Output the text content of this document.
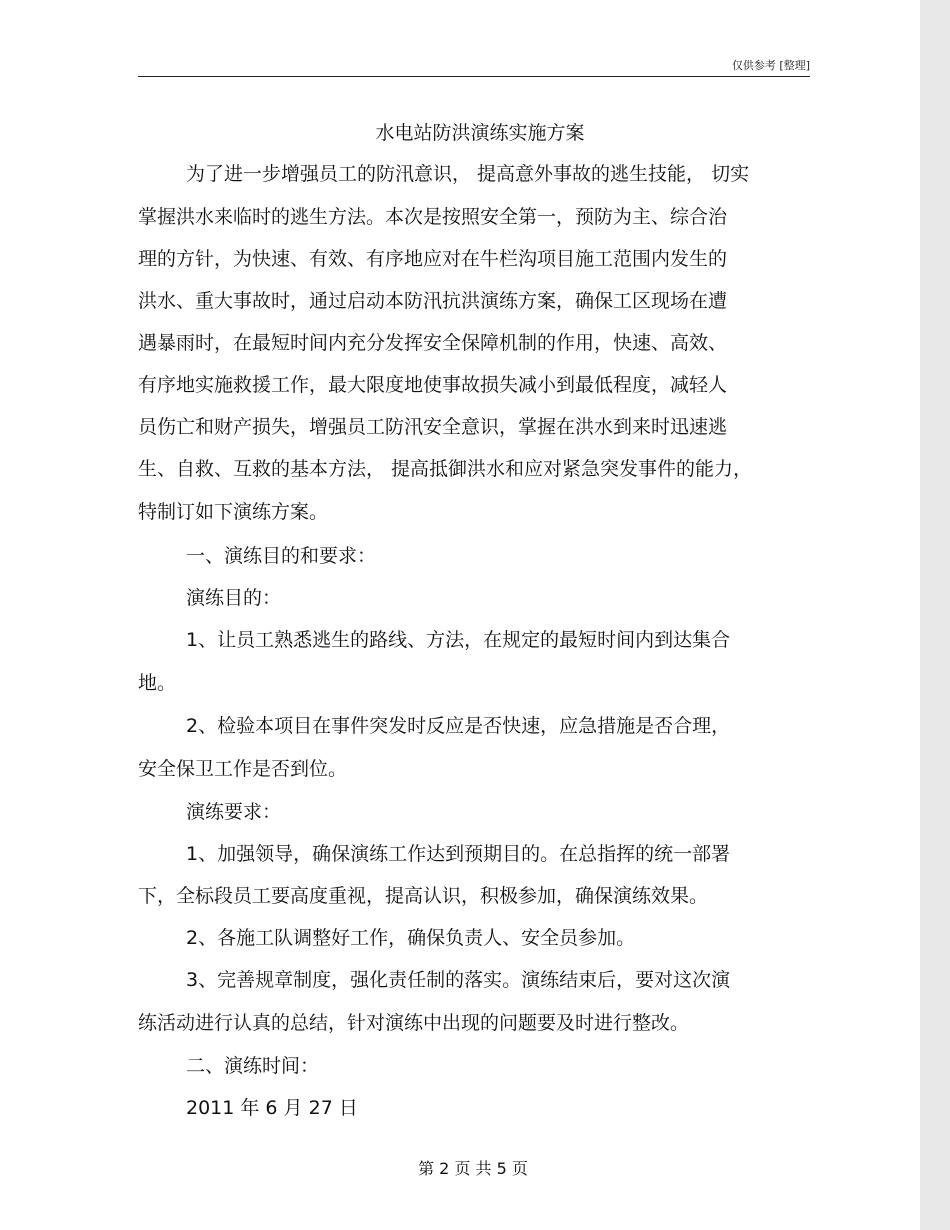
仅供参考 [整理]
水电站防洪演练实施方案
为了进一步增强员工的防汛意识， 提高意外事故的逃生技能， 切实
掌握洪水来临时的逃生方法。本次是按照安全第一，预防为主、综合治
理的方针，为快速、有效、有序地应对在牛栏沟项目施工范围内发生的
洪水、重大事故时，通过启动本防汛抗洪演练方案，确保工区现场在遭
遇暴雨时，在最短时间内充分发挥安全保障机制的作用，快速、高效、
有序地实施救援工作，最大限度地使事故损失减小到最低程度，减轻人
员伤亡和财产损失，增强员工防汛安全意识，掌握在洪水到来时迅速逃
生、自救、互救的基本方法， 提高抵御洪水和应对紧急突发事件的能力，
特制订如下演练方案。
一、演练目的和要求：
演练目的：
1、让员工熟悉逃生的路线、方法，在规定的最短时间内到达集合
地。
2、检验本项目在事件突发时反应是否快速，应急措施是否合理，
安全保卫工作是否到位。
演练要求：
1、加强领导，确保演练工作达到预期目的。在总指挥的统一部署
下，全标段员工要高度重视，提高认识，积极参加，确保演练效果。
2、各施工队调整好工作，确保负责人、安全员参加。
3、完善规章制度，强化责任制的落实。演练结束后，要对这次演
练活动进行认真的总结，针对演练中出现的问题要及时进行整改。
二、演练时间：
2011 年 6 月 27 日
第 2 页 共 5 页
